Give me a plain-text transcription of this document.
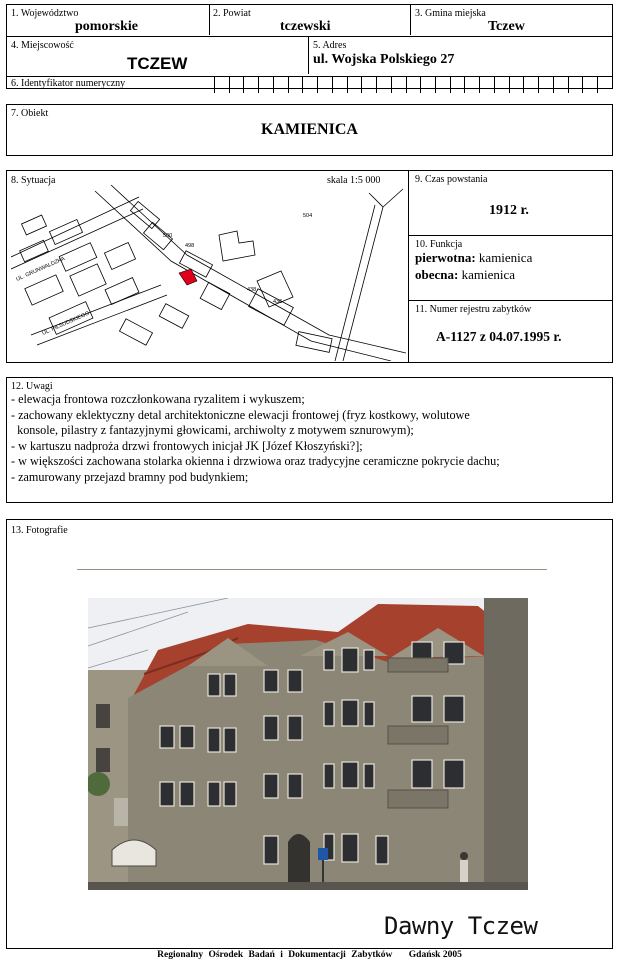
1. Województwo
pomorskie
2. Powiat
tczewski
3. Gmina miejska
Tczew
4. Miejscowość
TCZEW
5. Adres
ul. Wojska Polskiego 27
6. Identyfikator numeryczny
7. Obiekt
KAMIENICA
8. Sytuacja	skala 1:5 000
UL. GRUNWALDZKA
UL. PIŁSUDSKIEGO
504
438
436
498
500
9. Czas powstania
1912 r.
10. Funkcja
pierwotna: kamienica
obecna: kamienica
11. Numer rejestru zabytków
A-1127 z 04.07.1995 r.
12. Uwagi

- elewacja frontowa rozczłonkowana ryzalitem i wykuszem;

- zachowany eklektyczny detal architektoniczne elewacji frontowej (fryz kostkowy, wolutowe

konsole, pilastry z fantazyjnymi głowicami, archiwolty z motywem sznurowym);

- w kartuszu nadproża drzwi frontowych inicjał JK [Józef Kłoszyński?];

- w większości zachowana stolarka okienna i drzwiowa oraz tradycyjne ceramiczne pokrycie dachu;

- zamurowany przejazd bramny pod budynkiem;

13. Fotografie
Dawny Tczew
Regionalny Ośrodek Badań i Dokumentacji Zabytków Gdańsk 2005
